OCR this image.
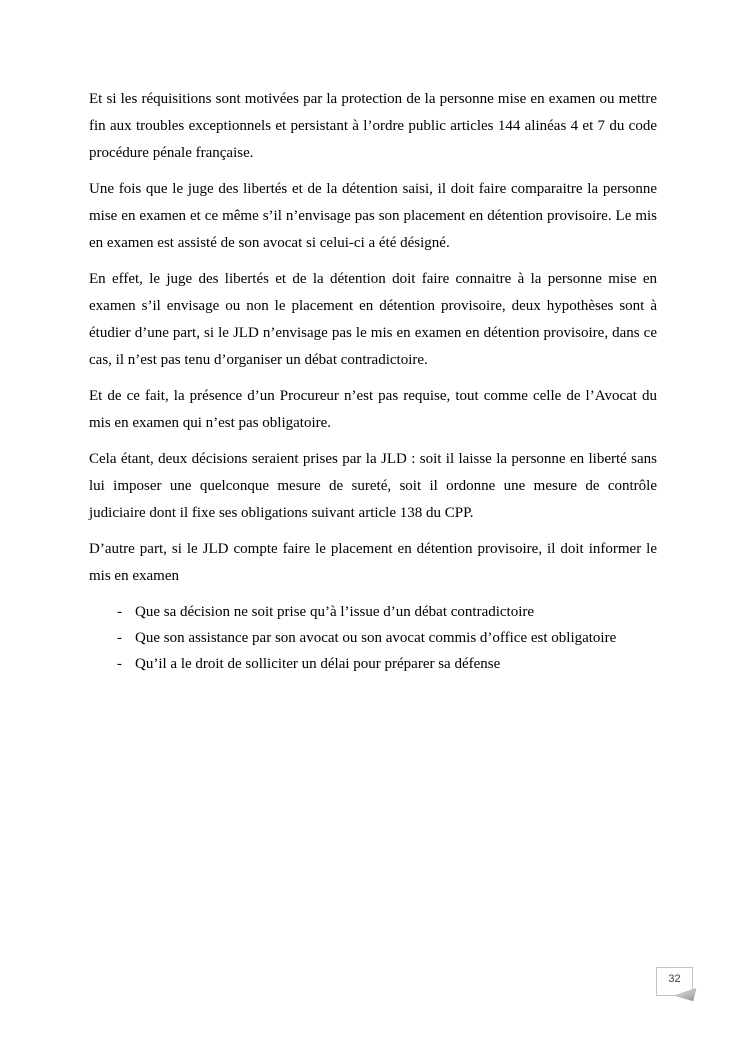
Et si les réquisitions sont motivées par la protection de la personne mise en examen ou mettre fin aux troubles exceptionnels et persistant à l’ordre public articles 144 alinéas 4 et 7 du code procédure pénale française.

Une fois que le juge des libertés et de la détention saisi, il doit faire comparaitre la personne mise en examen et ce même s’il n’envisage pas son placement en détention provisoire. Le mis en examen est assisté de son avocat si celui-ci a été désigné.

En effet, le juge des libertés et de la détention doit faire connaitre à la personne mise en examen s’il envisage ou non le placement en détention provisoire, deux hypothèses sont à étudier d’une part, si le JLD n’envisage pas le mis en examen en détention provisoire, dans ce cas, il n’est pas tenu d’organiser un débat contradictoire.

Et de ce fait, la présence d’un Procureur n’est pas requise, tout comme celle de l’Avocat du mis en examen qui n’est pas obligatoire.

Cela étant, deux décisions seraient prises par la JLD : soit il laisse la personne en liberté sans lui imposer une quelconque mesure de sureté, soit il ordonne une mesure de contrôle judiciaire dont il fixe ses obligations suivant article 138 du CPP.

D’autre part, si le JLD compte faire le placement en détention provisoire, il doit informer le mis en examen

- Que sa décision ne soit prise qu’à l’issue d’un débat contradictoire
- Que son assistance par son avocat ou son avocat commis d’office est obligatoire
- Qu’il a le droit de solliciter un délai pour préparer sa défense
32
